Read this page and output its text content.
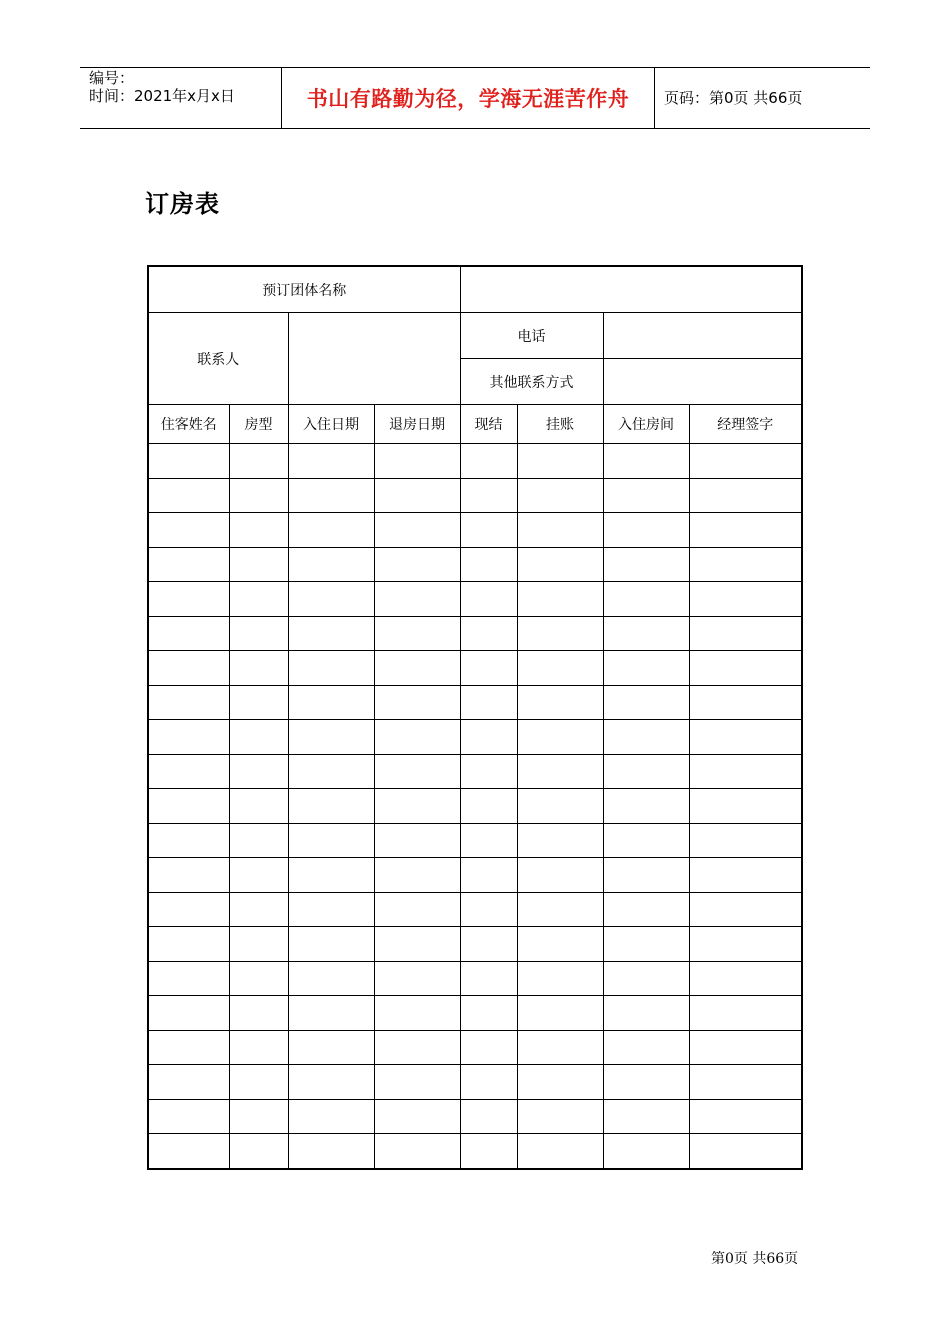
编号：
时间：2021年x月x日	书山有路勤为径，学海无涯苦作舟	页码：第0页 共66页
订房表
预订团体名称							
联系人				电话			
				其他联系方式			
住客姓名	房型	入住日期	退房日期	现结	挂账	入住房间	经理签字

第0页 共66页
